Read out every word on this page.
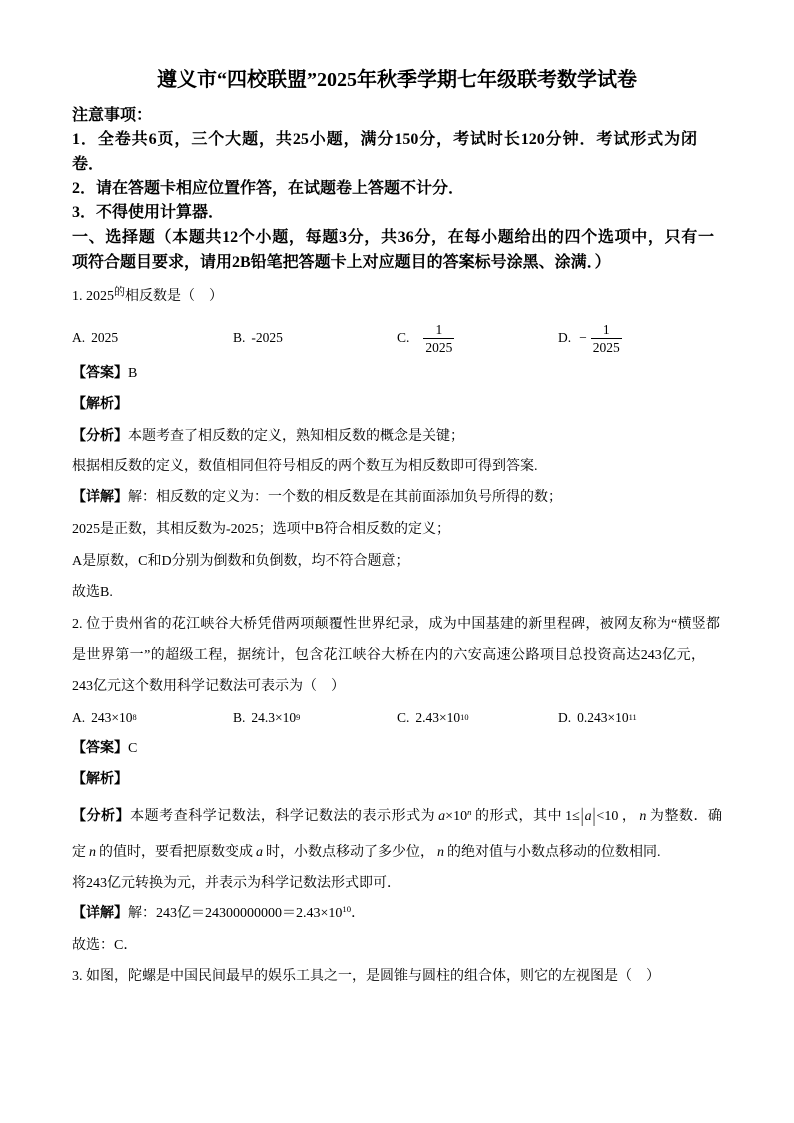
遵义市“四校联盟”2025年秋季学期七年级联考数学试卷
注意事项：
1．全卷共6页，三个大题，共25小题，满分150分，考试时长120分钟．考试形式为闭
卷．
2．请在答题卡相应位置作答，在试题卷上答题不计分．
3．不得使用计算器．
一、选择题（本题共12个小题，每题3分，共36分，在每小题给出的四个选项中，只有一
项符合题目要求，请用2B铅笔把答题卡上对应题目的答案标号涂黑、涂满．）
1. $2025^的$相反数是（　）
A. 2025	B. -2025	C. $\frac{1}{2025}$	D. − $\frac{1}{2025}$
【答案】B
【解析】
【分析】本题考查了相反数的定义，熟知相反数的概念是关键；
根据相反数的定义，数值相同但符号相反的两个数互为相反数即可得到答案.
【详解】解：相反数的定义为：一个数的相反数是在其前面添加负号所得的数；
2025是正数，其相反数为-2025；选项中B符合相反数的定义；
A是原数，C和D分别为倒数和负倒数，均不符合题意；
故选B.
2. 位于贵州省的花江峡谷大桥凭借两项颠覆性世界纪录，成为中国基建的新里程碑，被网友称为“横竖都
是世界第一”的超级工程，据统计，包含花江峡谷大桥在内的六安高速公路项目总投资高达243亿元，
243亿元这个数用科学记数法可表示为（　）
A. 243×10 8	B. 24.3×10 9	C. 2.43×10 10	D. 0.243×10 11
【答案】C
【解析】
【分析】本题考查科学记数法，科学记数法的表示形式为 $a\times 10^n$ 的形式，其中 1≤|a|<10 ， n 为整数．确
定 n 的值时，要看把原数变成 a 时，小数点移动了多少位， n 的绝对值与小数点移动的位数相同.
将243亿元转换为元，并表示为科学记数法形式即可．
【详解】解：243亿$=24300000000=2.43\times 10^{10}$．
故选：C．
3. 如图，陀螺是中国民间最早的娱乐工具之一，是圆锥与圆柱的组合体，则它的左视图是（　）
